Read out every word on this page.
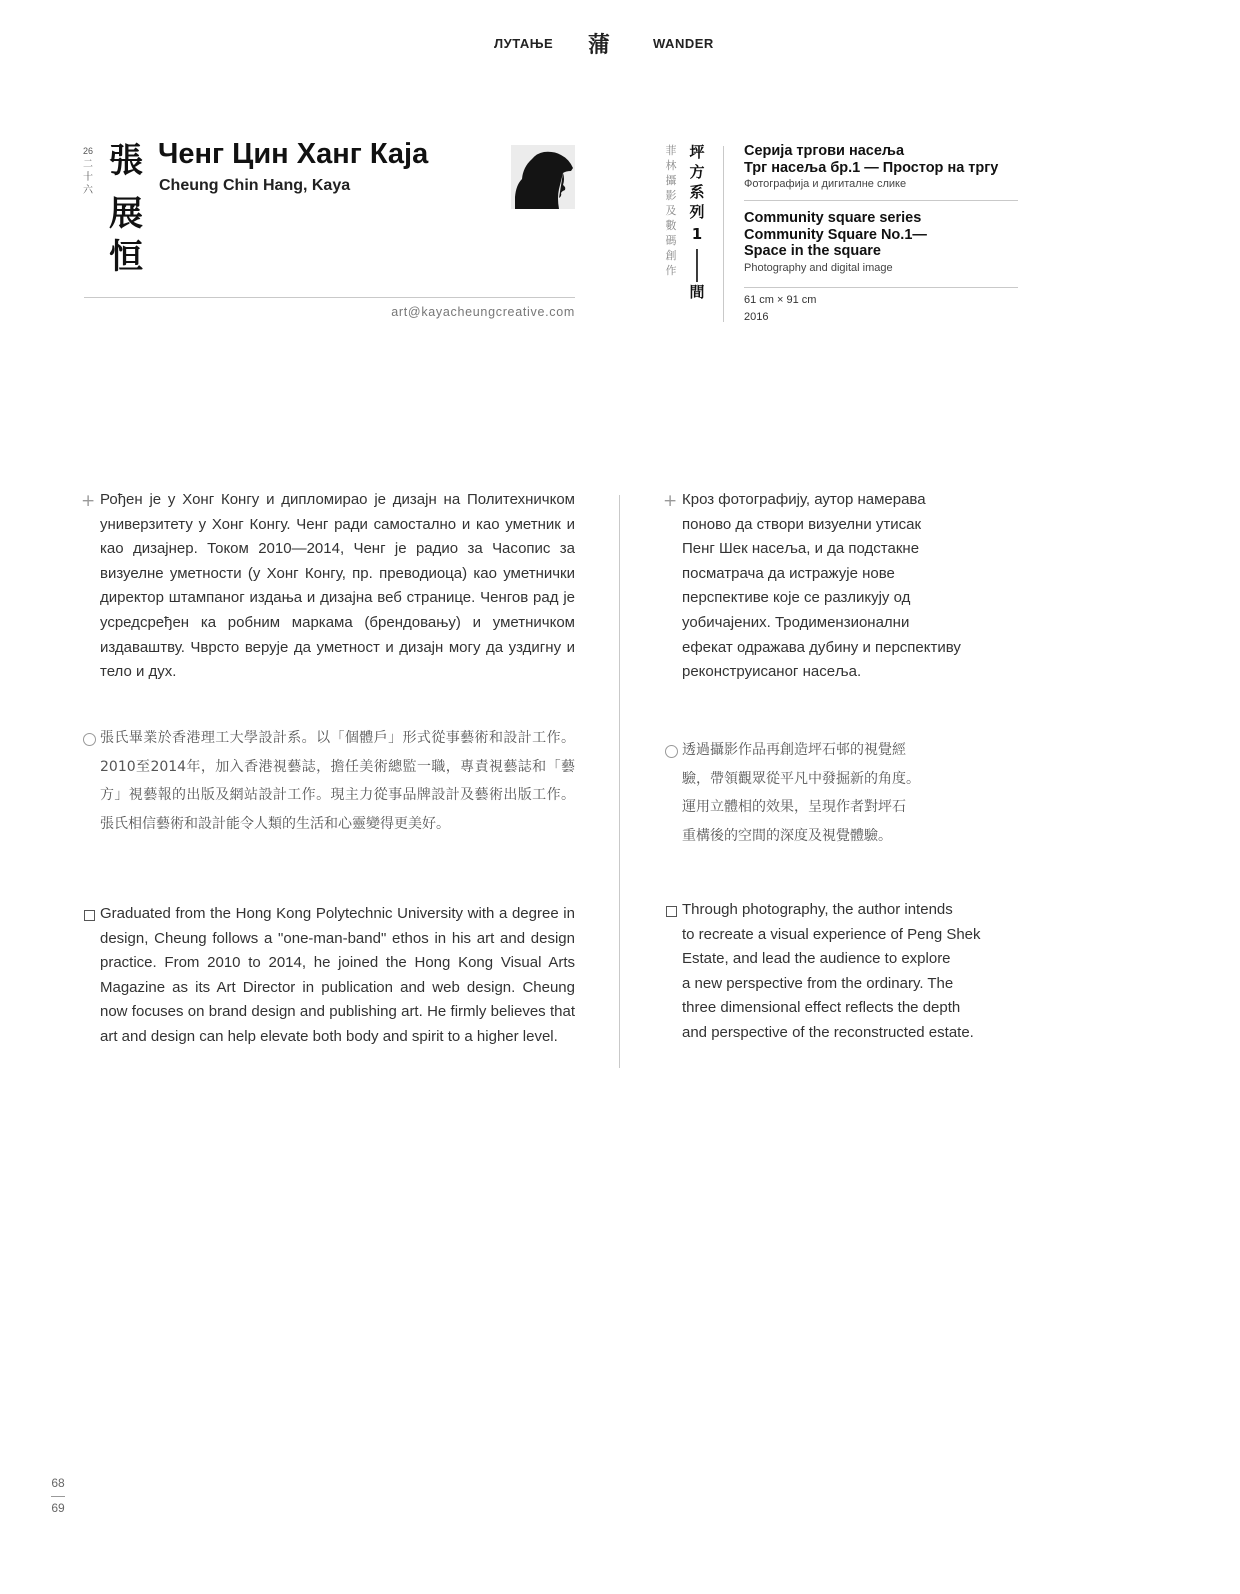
ЛУТАЊЕ 蒲	WANDER
26
二
十
六
張
展
恒
Ченг Цин Ханг Каја
Cheung Chin Hang, Kaya
art@kayacheungcreative.com
菲
林
攝
影
及
數
碼
創
作
坪
方
系
列
1
|
間
Серија тргови насеља
Трг насеља бр.1 — Простор на тргу
Фотографија и дигиталне слике
Community square series
Community Square No.1—
Space in the square
Photography and digital image
61 cm × 91 cm
2016
+ Рођен је у Хонг Конгу и дипломирао је дизајн на Политехничком универзитету у Хонг Конгу. Ченг ради самостално и као уметник и као дизајнер. Током 2010—2014, Ченг је радио за Часопис за визуелне уметности (у Хонг Конгу, пр. преводиоца) као уметнички директор штампаног издања и дизајна веб странице. Ченгов рад је усредсређен ка робним маркама (брендовању) и уметничком издаваштву. Чврсто верује да уметност и дизајн могу да уздигну и тело и дух.
張氏畢業於香港理工大學設計系。以「個體戶」形式從事藝術和設計工作。2010至2014年，加入香港視藝誌，擔任美術總監一職，專責視藝誌和「藝方」視藝報的出版及網站設計工作。現主力從事品牌設計及藝術出版工作。張氏相信藝術和設計能令人類的生活和心靈變得更美好。
Graduated from the Hong Kong Polytechnic University with a degree in design, Cheung follows a "one-man-band" ethos in his art and design practice. From 2010 to 2014, he joined the Hong Kong Visual Arts Magazine as its Art Director in publication and web design. Cheung now focuses on brand design and publishing art. He firmly believes that art and design can help elevate both body and spirit to a higher level.
+ Кроз фотографију, аутор намерава
поново да створи визуелни утисак
Пенг Шек насеља, и да подстакне
посматрача да истражује нове
перспективе које се разликују од
уобичајених. Тродимензионални
ефекат одражава дубину и перспективу
реконструисаног насеља.
透過攝影作品再創造坪石邨的視覺經
驗，帶領觀眾從平凡中發掘新的角度。
運用立體相的效果，呈現作者對坪石
重構後的空間的深度及視覺體驗。
Through photography, the author intends
to recreate a visual experience of Peng Shek
Estate, and lead the audience to explore
a new perspective from the ordinary. The
three dimensional effect reflects the depth
and perspective of the reconstructed estate.
68
69
